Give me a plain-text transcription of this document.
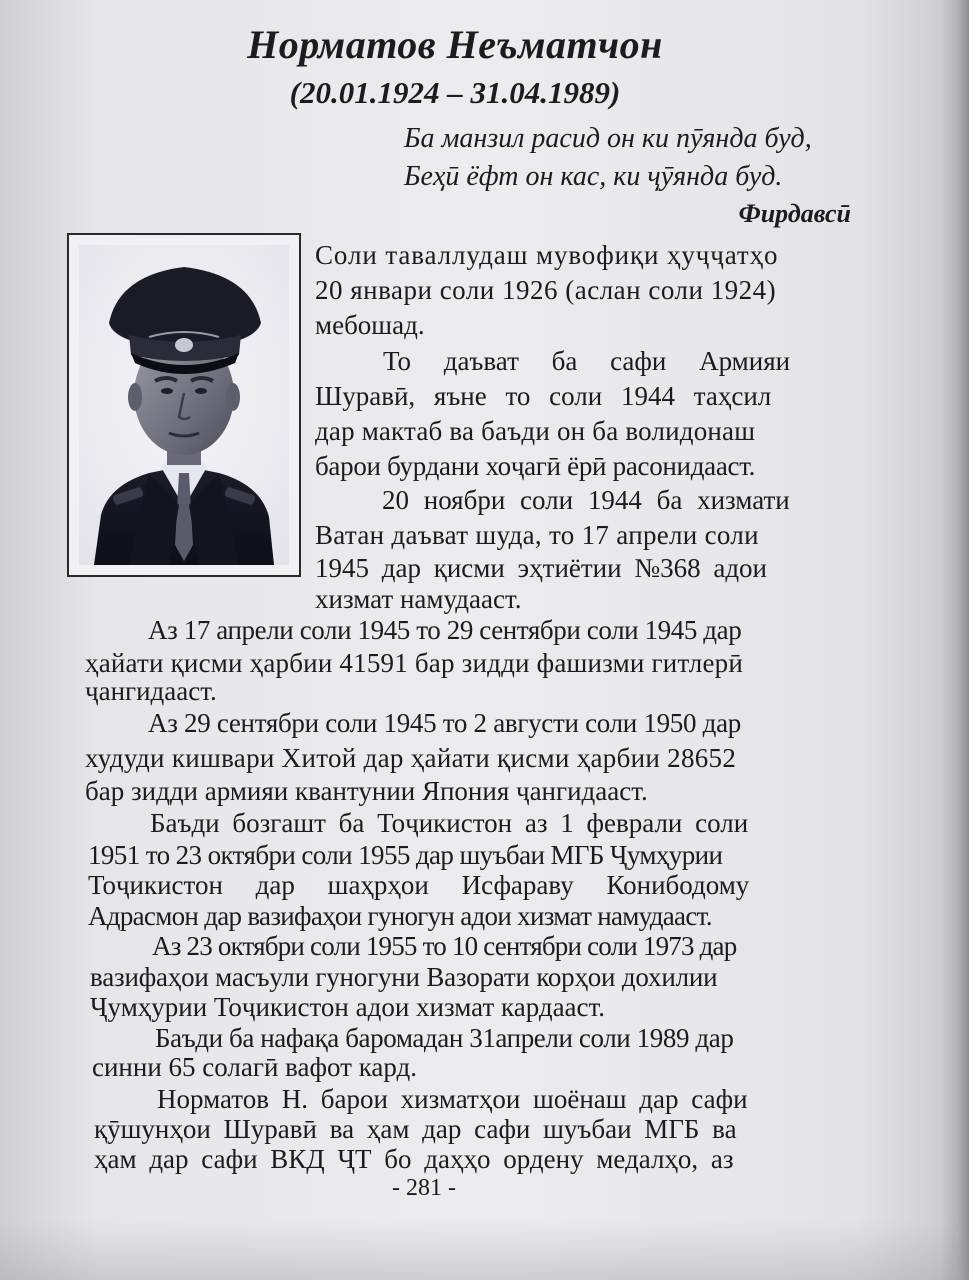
Норматов Неъматчон
(20.01.1924 – 31.04.1989)
Ба манзил расид он ки пӯянда буд,
Беҳӣ ёфт он кас, ки ҷӯянда буд.
Фирдавсӣ
Соли таваллудаш мувофиқи ҳуҷҷатҳо
20 январи соли 1926 (аслан соли 1924)
мебошад.
То даъват ба сафи Армияи
Шуравӣ, яъне то соли 1944 таҳсил
дар мактаб ва баъди он ба волидонаш
барои бурдани хоҷагӣ ёрӣ расонидааст.
20 ноябри соли 1944 ба хизмати
Ватан даъват шуда, то 17 апрели соли
1945 дар қисми эҳтиётии №368 адои
хизмат намудааст.
Аз 17 апрели соли 1945 то 29 сентябри соли 1945 дар
ҳайати қисми ҳарбии 41591 бар зидди фашизми гитлерӣ
ҷангидааст.
Аз 29 сентябри соли 1945 то 2 августи соли 1950 дар
худуди кишвари Хитой дар ҳайати қисми ҳарбии 28652
бар зидди армияи квантунии Япония ҷангидааст.
Баъди бозгашт ба Тоҷикистон аз 1 феврали соли
1951 то 23 октябри соли 1955 дар шуъбаи МГБ Ҷумҳурии
Тоҷикистон дар шаҳрҳои Исфараву Конибодому
Адрасмон дар вазифаҳои гуногун адои хизмат намудааст.
Аз 23 октябри соли 1955 то 10 сентябри соли 1973 дар
вазифаҳои масъули гуногуни Вазорати корҳои дохилии
Ҷумҳурии Тоҷикистон адои хизмат кардааст.
Баъди ба нафақа баромадан 31апрели соли 1989 дар
синни 65 солагӣ вафот кард.
Норматов Н. барои хизматҳои шоёнаш дар сафи
қӯшунҳои Шуравӣ ва ҳам дар сафи шуъбаи МГБ ва
ҳам дар сафи ВКД ҶТ бо даҳҳо ордену медалҳо, аз
- 281 -
